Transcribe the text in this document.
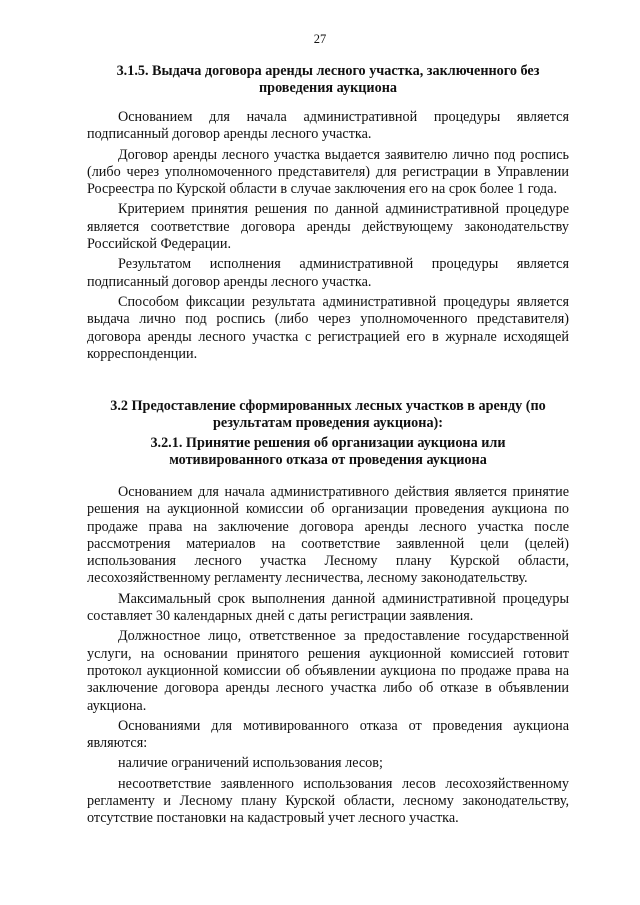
27
3.1.5. Выдача договора аренды лесного участка, заключенного без
проведения аукциона

Основанием для начала административной процедуры является подписанный договор аренды лесного участка.

Договор аренды лесного участка выдается заявителю лично под роспись (либо через уполномоченного представителя) для регистрации в Управлении Росреестра по Курской области в случае заключения его на срок более 1 года.

Критерием принятия решения по данной административной процедуре является соответствие договора аренды действующему законодательству Российской Федерации.

Результатом исполнения административной процедуры является подписанный договор аренды лесного участка.

Способом фиксации результата административной процедуры является выдача лично под роспись (либо через уполномоченного представителя) договора аренды лесного участка с регистрацией его в журнале исходящей корреспонденции.

3.2 Предоставление сформированных лесных участков в аренду (по
результатам проведения аукциона):
3.2.1. Принятие решения об организации аукциона или
мотивированного отказа от проведения аукциона

Основанием для начала административного действия является принятие решения на аукционной комиссии об организации проведения аукциона по продаже права на заключение договора аренды лесного участка после рассмотрения материалов на соответствие заявленной цели (целей) использования лесного участка Лесному плану Курской области, лесохозяйственному регламенту лесничества, лесному законодательству.

Максимальный срок выполнения данной административной процедуры составляет 30 календарных дней с даты регистрации заявления.

Должностное лицо, ответственное за предоставление государственной услуги, на основании принятого решения аукционной комиссией готовит протокол аукционной комиссии об объявлении аукциона по продаже права на заключение договора аренды лесного участка либо об отказе в объявлении аукциона.

Основаниями для мотивированного отказа от проведения аукциона являются:

наличие ограничений использования лесов;

несоответствие заявленного использования лесов лесохозяйственному регламенту и Лесному плану Курской области, лесному законодательству, отсутствие постановки на кадастровый учет лесного участка.
